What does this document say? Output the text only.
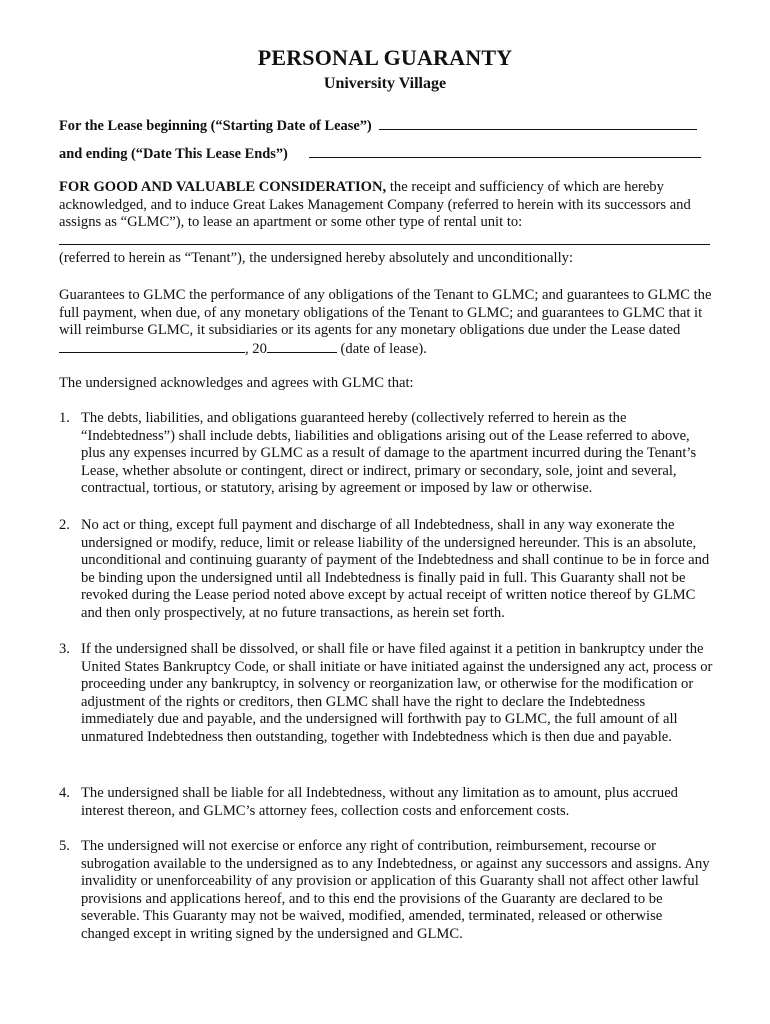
PERSONAL GUARANTY
University Village
For the Lease beginning (“Starting Date of Lease”)
and ending (“Date This Lease Ends”)

FOR GOOD AND VALUABLE CONSIDERATION, the receipt and sufficiency of which are hereby acknowledged, and to induce Great Lakes Management Company (referred to herein with its successors and assigns as “GLMC”), to lease an apartment or some other type of rental unit to:

(referred to herein as “Tenant”), the undersigned hereby absolutely and unconditionally:

Guarantees to GLMC the performance of any obligations of the Tenant to GLMC; and guarantees to GLMC the full payment, when due, of any monetary obligations of the Tenant to GLMC; and guarantees to GLMC that it will reimburse GLMC, it subsidiaries or its agents for any monetary obligations due under the Lease dated , 20	(date of lease).

The undersigned acknowledges and agrees with GLMC that:

1. The debts, liabilities, and obligations guaranteed hereby (collectively referred to herein as the “Indebtedness”) shall include debts, liabilities and obligations arising out of the Lease referred to above, plus any expenses incurred by GLMC as a result of damage to the apartment incurred during the Tenant’s Lease, whether absolute or contingent, direct or indirect, primary or secondary, sole, joint and several, contractual, tortious, or statutory, arising by agreement or imposed by law or otherwise.

2. No act or thing, except full payment and discharge of all Indebtedness, shall in any way exonerate the undersigned or modify, reduce, limit or release liability of the undersigned hereunder. This is an absolute, unconditional and continuing guaranty of payment of the Indebtedness and shall continue to be in force and be binding upon the undersigned until all Indebtedness is finally paid in full. This Guaranty shall not be revoked during the Lease period noted above except by actual receipt of written notice thereof by GLMC and then only prospectively, at no future transactions, as herein set forth.

3. If the undersigned shall be dissolved, or shall file or have filed against it a petition in bankruptcy under the United States Bankruptcy Code, or shall initiate or have initiated against the undersigned any act, process or proceeding under any bankruptcy, in solvency or reorganization law, or otherwise for the modification or adjustment of the rights or creditors, then GLMC shall have the right to declare the Indebtedness immediately due and payable, and the undersigned will forthwith pay to GLMC, the full amount of all unmatured Indebtedness then outstanding, together with Indebtedness which is then due and payable.

4. The undersigned shall be liable for all Indebtedness, without any limitation as to amount, plus accrued interest thereon, and GLMC’s attorney fees, collection costs and enforcement costs.

5. The undersigned will not exercise or enforce any right of contribution, reimbursement, recourse or subrogation available to the undersigned as to any Indebtedness, or against any successors and assigns. Any invalidity or unenforceability of any provision or application of this Guaranty shall not affect other lawful provisions and applications hereof, and to this end the provisions of the Guaranty are declared to be severable. This Guaranty may not be waived, modified, amended, terminated, released or otherwise changed except in writing signed by the undersigned and GLMC.
